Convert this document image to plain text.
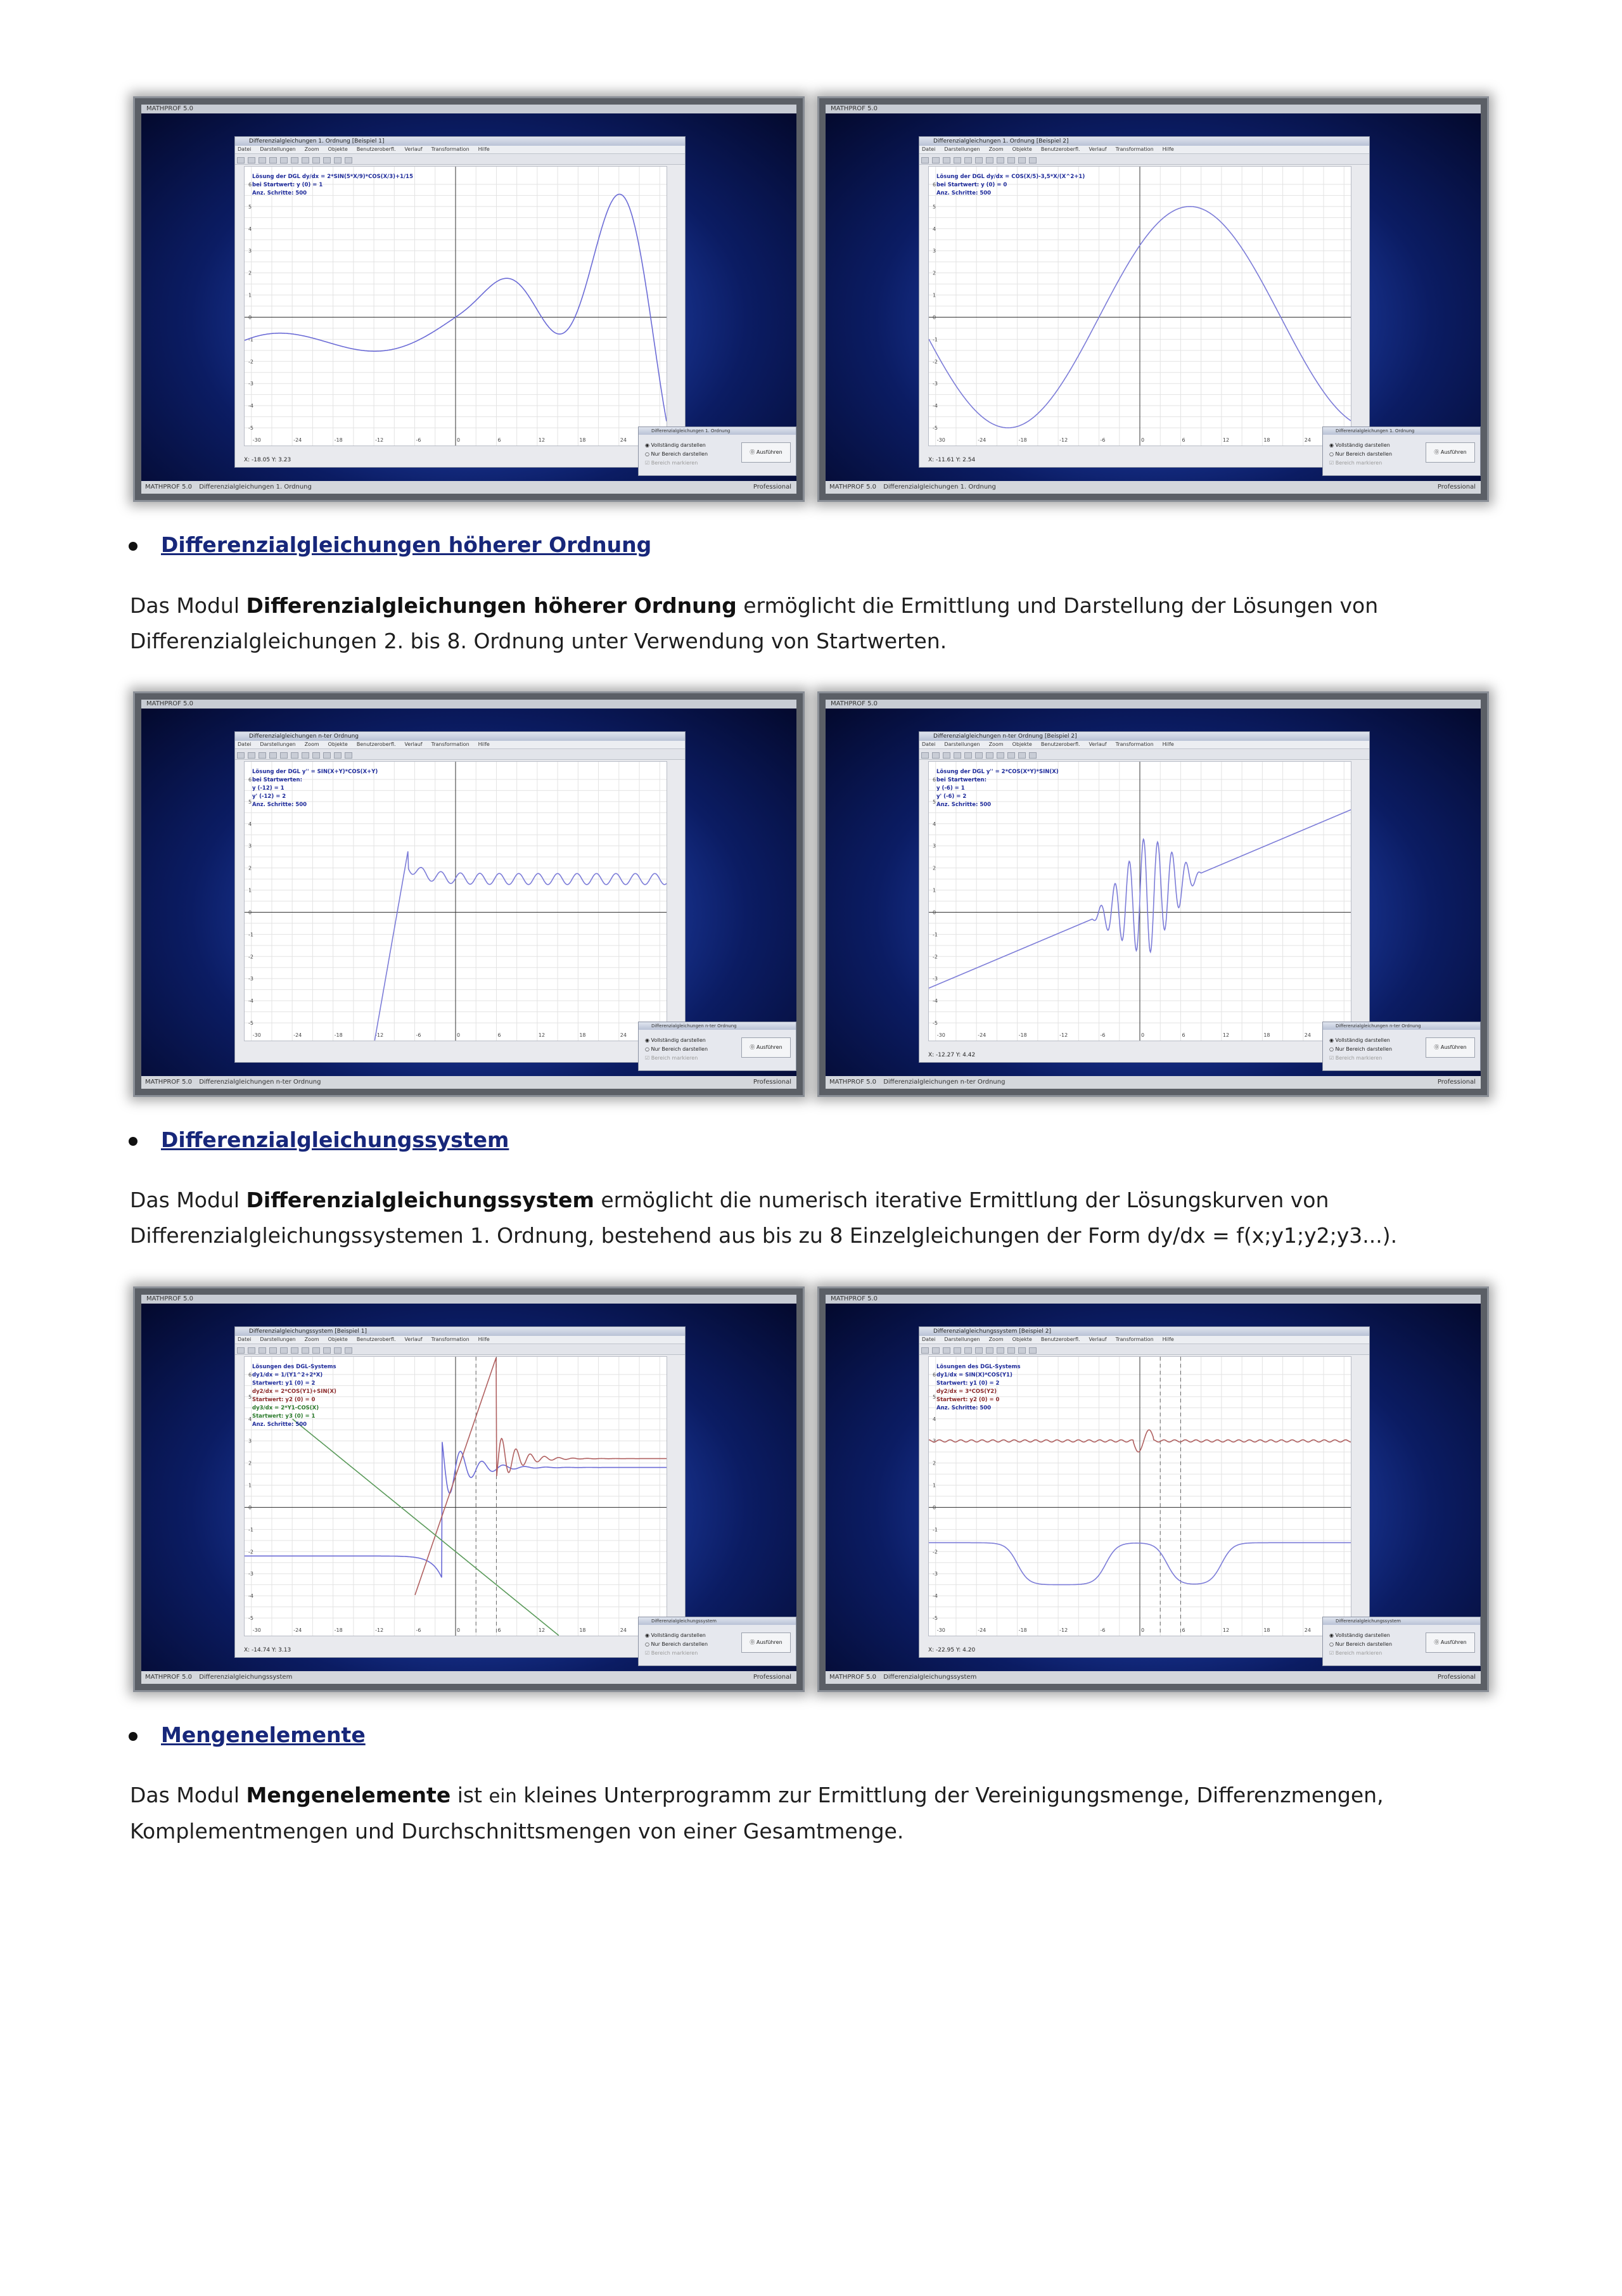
MATHPROF 5.0
Differenzialgleichungen 1. Ordnung [Beispiel 1]
Datei Darstellungen Zoom Objekte Benutzeroberfl. Verlauf Transformation Hilfe
-30	-24	-18	-12	-6	0	6	12	18	24
6
5
4
3
2
1
0
-1
-2
-3
-4
-5
Lösung der DGL dy/dx = 2*SIN(5*X/9)*COS(X/3)+1/15
bei Startwert: y (0) = 1
Anz. Schritte: 500
X: -18.05 Y: 3.23
Differenzialgleichungen 1. Ordnung
◉ Vollständig darstellen
○ Nur Bereich darstellen
☑ Bereich markieren
⓪ Ausführen
MATHPROF 5.0 Differenzialgleichungen 1. Ordnung	Professional
MATHPROF 5.0
Differenzialgleichungen 1. Ordnung [Beispiel 2]
Datei Darstellungen Zoom Objekte Benutzeroberfl. Verlauf Transformation Hilfe
-30	-24	-18	-12	-6	0	6	12	18	24
6
5
4
3
2
1
0
-1
-2
-3
-4
-5
Lösung der DGL dy/dx = COS(X/5)-3,5*X/(X^2+1)
bei Startwert: y (0) = 0
Anz. Schritte: 500
X: -11.61 Y: 2.54
Differenzialgleichungen 1. Ordnung
◉ Vollständig darstellen
○ Nur Bereich darstellen
☑ Bereich markieren
⓪ Ausführen
MATHPROF 5.0 Differenzialgleichungen 1. Ordnung	Professional
MATHPROF 5.0
Differenzialgleichungen n-ter Ordnung
Datei Darstellungen Zoom Objekte Benutzeroberfl. Verlauf Transformation Hilfe
-30	-24	-18	-12	-6	0	6	12	18	24
6
5
4
3
2
1
0
-1
-2
-3
-4
-5
Lösung der DGL y'' = SIN(X+Y)*COS(X+Y)
bei Startwerten:
y (-12) = 1
y' (-12) = 2
Anz. Schritte: 500
Differenzialgleichungen n-ter Ordnung
◉ Vollständig darstellen
○ Nur Bereich darstellen
☑ Bereich markieren
⓪ Ausführen
MATHPROF 5.0 Differenzialgleichungen n-ter Ordnung	Professional
MATHPROF 5.0
Differenzialgleichungen n-ter Ordnung [Beispiel 2]
Datei Darstellungen Zoom Objekte Benutzeroberfl. Verlauf Transformation Hilfe
-30	-24	-18	-12	-6	0	6	12	18	24
6
5
4
3
2
1
0
-1
-2
-3
-4
-5
Lösung der DGL y'' = 2*COS(X*Y)*SIN(X)
bei Startwerten:
y (-6) = 1
y' (-6) = 2
Anz. Schritte: 500
X: -12.27 Y: 4.42
Differenzialgleichungen n-ter Ordnung
◉ Vollständig darstellen
○ Nur Bereich darstellen
☑ Bereich markieren
⓪ Ausführen
MATHPROF 5.0 Differenzialgleichungen n-ter Ordnung	Professional
MATHPROF 5.0
Differenzialgleichungssystem [Beispiel 1]
Datei Darstellungen Zoom Objekte Benutzeroberfl. Verlauf Transformation Hilfe
-30	-24	-18	-12	-6	0	6	12	18	24
6
5
4
3
2
1
0
-1
-2
-3
-4
-5
Lösungen des DGL-Systems
dy1/dx = 1/(Y1^2+2*X)
Startwert: y1 (0) = 2
dy2/dx = 2*COS(Y1)+SIN(X)
Startwert: y2 (0) = 0
dy3/dx = 2*Y1-COS(X)
Startwert: y3 (0) = 1
Anz. Schritte: 500
X: -14.74 Y: 3.13
Differenzialgleichungssystem
◉ Vollständig darstellen
○ Nur Bereich darstellen
☑ Bereich markieren
⓪ Ausführen
MATHPROF 5.0 Differenzialgleichungssystem	Professional
MATHPROF 5.0
Differenzialgleichungssystem [Beispiel 2]
Datei Darstellungen Zoom Objekte Benutzeroberfl. Verlauf Transformation Hilfe
-30	-24	-18	-12	-6	0	6	12	18	24
6
5
4
3
2
1
0
-1
-2
-3
-4
-5
Lösungen des DGL-Systems
dy1/dx = SIN(X)*COS(Y1)
Startwert: y1 (0) = 2
dy2/dx = 3*COS(Y2)
Startwert: y2 (0) = 0
Anz. Schritte: 500
X: -22.95 Y: 4.20
Differenzialgleichungssystem
◉ Vollständig darstellen
○ Nur Bereich darstellen
☑ Bereich markieren
⓪ Ausführen
MATHPROF 5.0 Differenzialgleichungssystem	Professional
Differenzialgleichungen höherer Ordnung
Das Modul Differenzialgleichungen höherer Ordnung ermöglicht die Ermittlung und Darstellung der Lösungen von
Differenzialgleichungen 2. bis 8. Ordnung unter Verwendung von Startwerten.
Differenzialgleichungssystem
Das Modul Differenzialgleichungssystem ermöglicht die numerisch iterative Ermittlung der Lösungskurven von
Differenzialgleichungssystemen 1. Ordnung, bestehend aus bis zu 8 Einzelgleichungen der Form dy/dx = f(x;y1;y2;y3...).
Mengenelemente
Das Modul Mengenelemente ist ein kleines Unterprogramm zur Ermittlung der Vereinigungsmenge, Differenzmengen,
Komplementmengen und Durchschnittsmengen von einer Gesamtmenge.
